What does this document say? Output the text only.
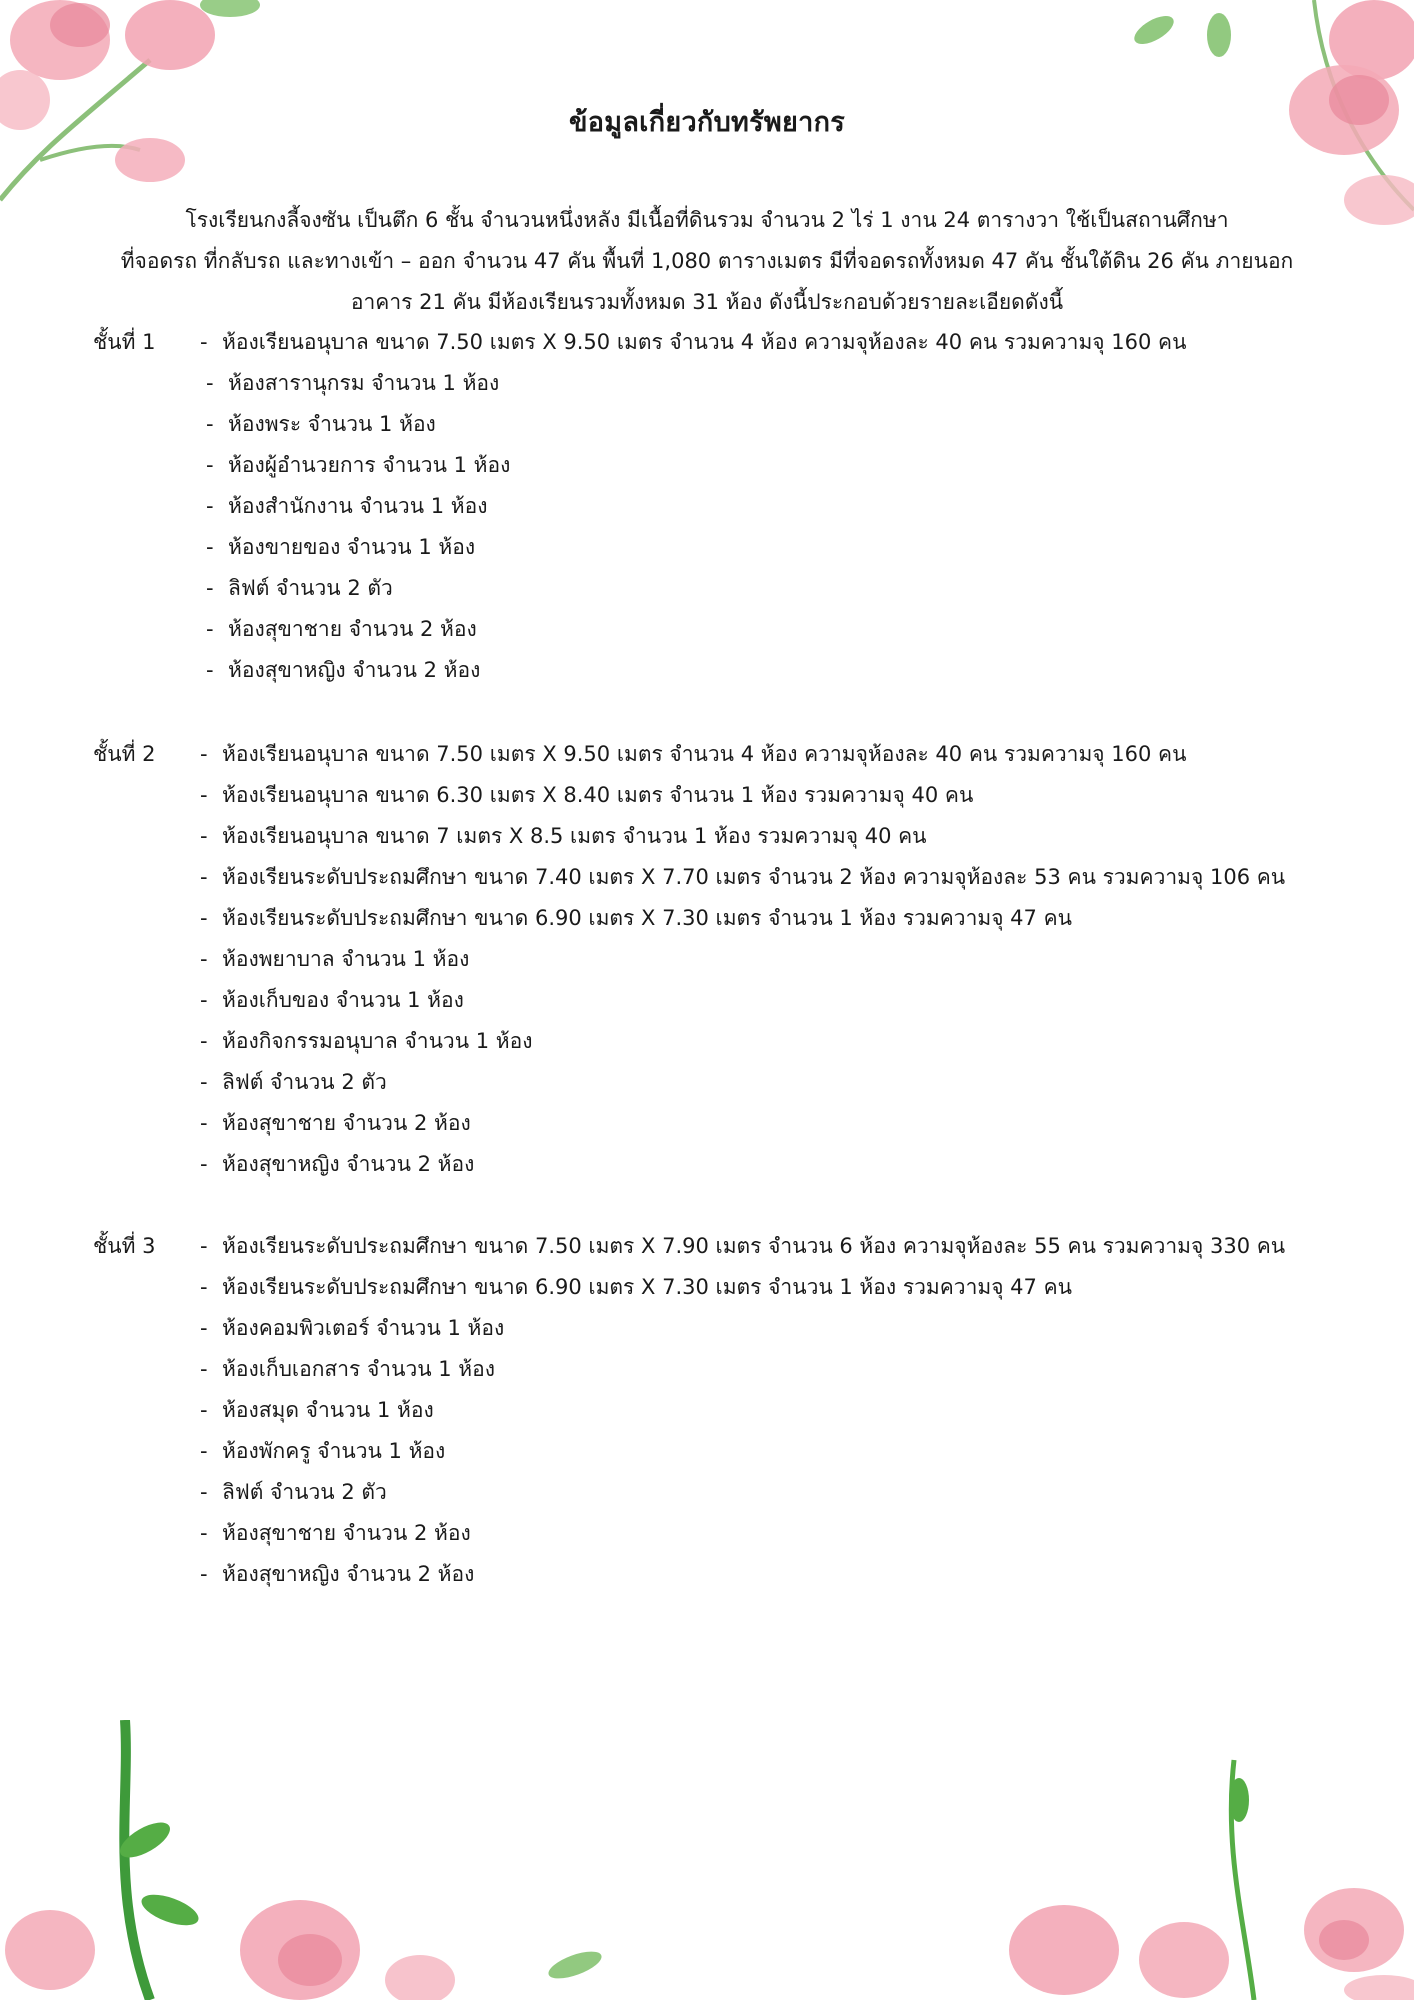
ข้อมูลเกี่ยวกับทรัพยากร
โรงเรียนกงลี้จงซัน เป็นตึก 6 ชั้น จำนวนหนึ่งหลัง มีเนื้อที่ดินรวม จำนวน 2 ไร่ 1 งาน 24 ตารางวา ใช้เป็นสถานศึกษา
ที่จอดรถ ที่กลับรถ และทางเข้า – ออก จำนวน 47 คัน พื้นที่ 1,080 ตารางเมตร มีที่จอดรถทั้งหมด 47 คัน ชั้นใต้ดิน 26 คัน ภายนอก
อาคาร 21 คัน มีห้องเรียนรวมทั้งหมด 31 ห้อง ดังนี้ประกอบด้วยรายละเอียดดังนี้
ชั้นที่ 1 - ห้องเรียนอนุบาล ขนาด 7.50 เมตร X 9.50 เมตร จำนวน 4 ห้อง ความจุห้องละ 40 คน รวมความจุ 160 คน
- ห้องสารานุกรม จำนวน 1 ห้อง
- ห้องพระ จำนวน 1 ห้อง
- ห้องผู้อำนวยการ จำนวน 1 ห้อง
- ห้องสำนักงาน จำนวน 1 ห้อง
- ห้องขายของ จำนวน 1 ห้อง
- ลิฟต์ จำนวน 2 ตัว
- ห้องสุขาชาย จำนวน 2 ห้อง
- ห้องสุขาหญิง จำนวน 2 ห้อง
ชั้นที่ 2 - ห้องเรียนอนุบาล ขนาด 7.50 เมตร X 9.50 เมตร จำนวน 4 ห้อง ความจุห้องละ 40 คน รวมความจุ 160 คน
- ห้องเรียนอนุบาล ขนาด 6.30 เมตร X 8.40 เมตร จำนวน 1 ห้อง รวมความจุ 40 คน
- ห้องเรียนอนุบาล ขนาด 7 เมตร X 8.5 เมตร จำนวน 1 ห้อง รวมความจุ 40 คน
- ห้องเรียนระดับประถมศึกษา ขนาด 7.40 เมตร X 7.70 เมตร จำนวน 2 ห้อง ความจุห้องละ 53 คน รวมความจุ 106 คน
- ห้องเรียนระดับประถมศึกษา ขนาด 6.90 เมตร X 7.30 เมตร จำนวน 1 ห้อง รวมความจุ 47 คน
- ห้องพยาบาล จำนวน 1 ห้อง
- ห้องเก็บของ จำนวน 1 ห้อง
- ห้องกิจกรรมอนุบาล จำนวน 1 ห้อง
- ลิฟต์ จำนวน 2 ตัว
- ห้องสุขาชาย จำนวน 2 ห้อง
- ห้องสุขาหญิง จำนวน 2 ห้อง
ชั้นที่ 3 - ห้องเรียนระดับประถมศึกษา ขนาด 7.50 เมตร X 7.90 เมตร จำนวน 6 ห้อง ความจุห้องละ 55 คน รวมความจุ 330 คน
- ห้องเรียนระดับประถมศึกษา ขนาด 6.90 เมตร X 7.30 เมตร จำนวน 1 ห้อง รวมความจุ 47 คน
- ห้องคอมพิวเตอร์ จำนวน 1 ห้อง
- ห้องเก็บเอกสาร จำนวน 1 ห้อง
- ห้องสมุด จำนวน 1 ห้อง
- ห้องพักครู จำนวน 1 ห้อง
- ลิฟต์ จำนวน 2 ตัว
- ห้องสุขาชาย จำนวน 2 ห้อง
- ห้องสุขาหญิง จำนวน 2 ห้อง
